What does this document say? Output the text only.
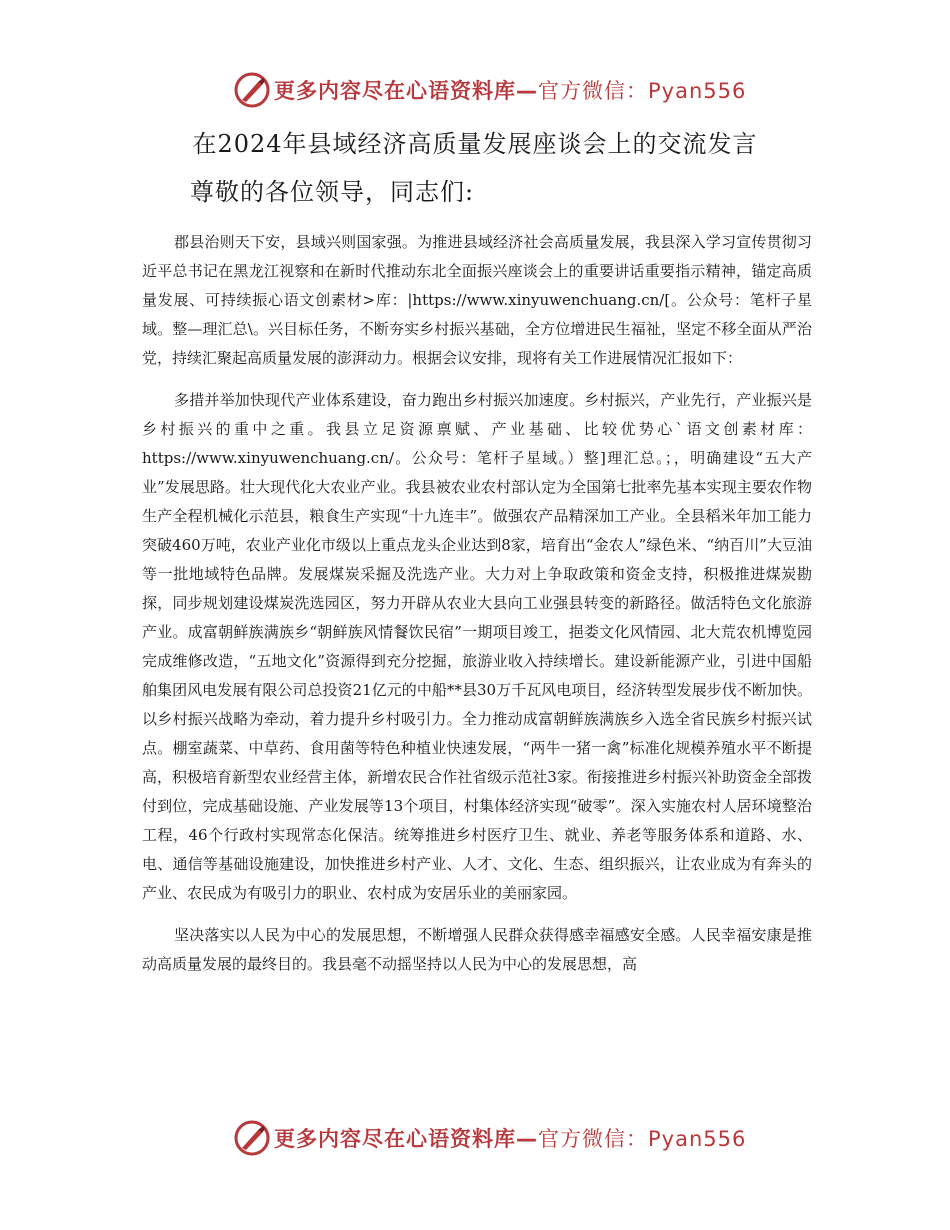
更多内容尽在心语资料库—官方微信：Pyan556
在2024年县域经济高质量发展座谈会上的交流发言
尊敬的各位领导，同志们:

郡县治则天下安，县域兴则国家强。为推进县域经济社会高质量发展，我县深入学习宣传贯彻习近平总书记在黑龙江视察和在新时代推动东北全面振兴座谈会上的重要讲话重要指示精神，锚定高质量发展、可持续振心语文创素材>库：|https://www.xinyuwenchuang.cn/[。公众号：笔杆子星域。整—理汇总\。兴目标任务，不断夯实乡村振兴基础，全方位增进民生福祉，坚定不移全面从严治党，持续汇聚起高质量发展的澎湃动力。根据会议安排，现将有关工作进展情况汇报如下：

多措并举加快现代产业体系建设，奋力跑出乡村振兴加速度。乡村振兴，产业先行，产业振兴是乡村振兴的重中之重。我县立足资源禀赋、产业基础、比较优势心`语文创素材库：https://www.xinyuwenchuang.cn/。公众号：笔杆子星域。）整]理汇总。；，明确建设“五大产业”发展思路。壮大现代化大农业产业。我县被农业农村部认定为全国第七批率先基本实现主要农作物生产全程机械化示范县，粮食生产实现“十九连丰”。做强农产品精深加工产业。全县稻米年加工能力突破460万吨，农业产业化市级以上重点龙头企业达到8家，培育出“金农人”绿色米、“纳百川”大豆油等一批地域特色品牌。发展煤炭采掘及洗选产业。大力对上争取政策和资金支持，积极推进煤炭勘探，同步规划建设煤炭洗选园区，努力开辟从农业大县向工业强县转变的新路径。做活特色文化旅游产业。成富朝鲜族满族乡“朝鲜族风情餐饮民宿”一期项目竣工，挹娄文化风情园、北大荒农机博览园完成维修改造，“五地文化”资源得到充分挖掘，旅游业收入持续增长。建设新能源产业，引进中国船舶集团风电发展有限公司总投资21亿元的中船**县30万千瓦风电项目，经济转型发展步伐不断加快。以乡村振兴战略为牵动，着力提升乡村吸引力。全力推动成富朝鲜族满族乡入选全省民族乡村振兴试点。棚室蔬菜、中草药、食用菌等特色种植业快速发展，“两牛一猪一禽”标准化规模养殖水平不断提高，积极培育新型农业经营主体，新增农民合作社省级示范社3家。衔接推进乡村振兴补助资金全部拨付到位，完成基础设施、产业发展等13个项目，村集体经济实现“破零”。深入实施农村人居环境整治工程，46个行政村实现常态化保洁。统筹推进乡村医疗卫生、就业、养老等服务体系和道路、水、电、通信等基础设施建设，加快推进乡村产业、人才、文化、生态、组织振兴，让农业成为有奔头的产业、农民成为有吸引力的职业、农村成为安居乐业的美丽家园。

坚决落实以人民为中心的发展思想，不断增强人民群众获得感幸福感安全感。人民幸福安康是推动高质量发展的最终目的。我县毫不动摇坚持以人民为中心的发展思想，高

更多内容尽在心语资料库—官方微信：Pyan556
